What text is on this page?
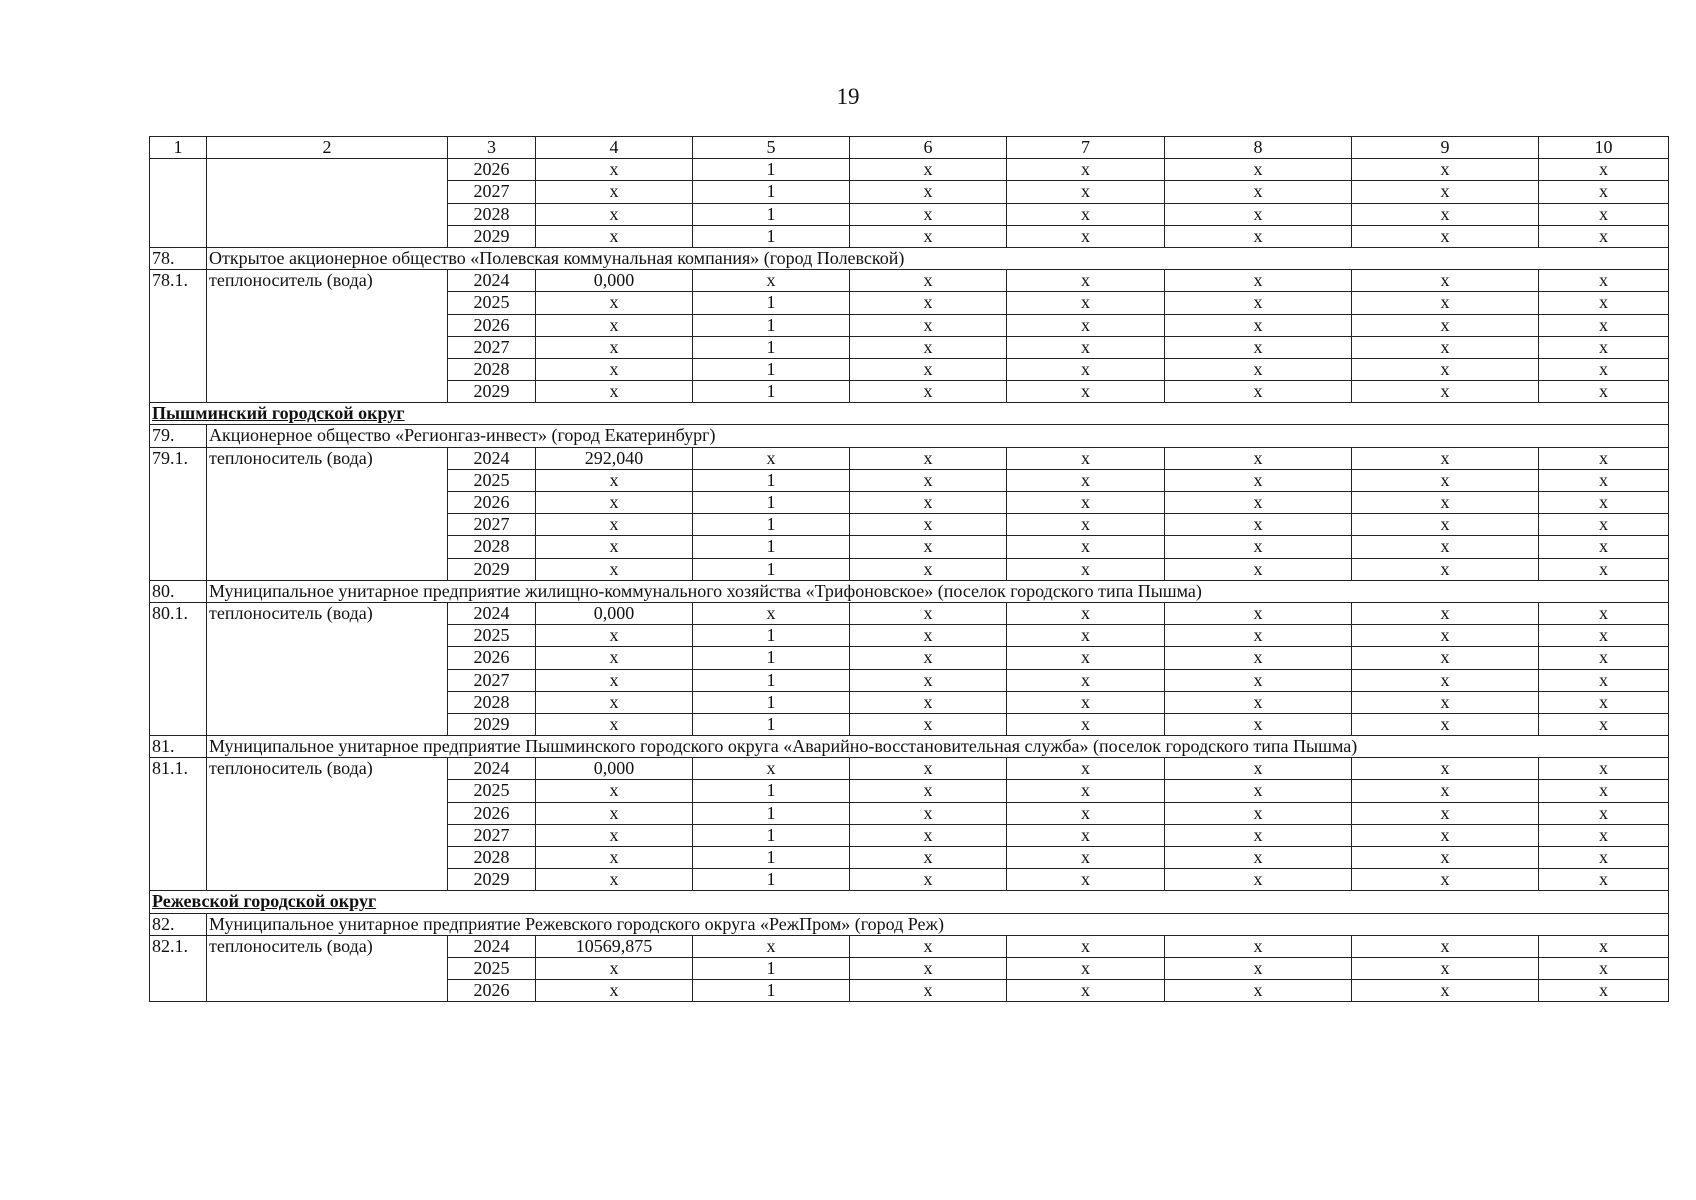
19
1	2	3	4	5	6	7	8	9	10
		2026	x	1	x	x	x	x	x
		2027	x	1	x	x	x	x	x
		2028	x	1	x	x	x	x	x
		2029	x	1	x	x	x	x	x
78.	Открытое акционерное общество «Полевская коммунальная компания» (город Полевской)								
78.1.	теплоноситель (вода)	2024	0,000	x	x	x	x	x	x
		2025	x	1	x	x	x	x	x
		2026	x	1	x	x	x	x	x
		2027	x	1	x	x	x	x	x
		2028	x	1	x	x	x	x	x
		2029	x	1	x	x	x	x	x
Пышминский городской округ									
79.	Акционерное общество «Регионгаз-инвест» (город Екатеринбург)								
79.1.	теплоноситель (вода)	2024	292,040	x	x	x	x	x	x
		2025	x	1	x	x	x	x	x
		2026	x	1	x	x	x	x	x
		2027	x	1	x	x	x	x	x
		2028	x	1	x	x	x	x	x
		2029	x	1	x	x	x	x	x
80.	Муниципальное унитарное предприятие жилищно-коммунального хозяйства «Трифоновское» (поселок городского типа Пышма)								
80.1.	теплоноситель (вода)	2024	0,000	x	x	x	x	x	x
		2025	x	1	x	x	x	x	x
		2026	x	1	x	x	x	x	x
		2027	x	1	x	x	x	x	x
		2028	x	1	x	x	x	x	x
		2029	x	1	x	x	x	x	x
81.	Муниципальное унитарное предприятие Пышминского городского округа «Аварийно-восстановительная служба» (поселок городского типа Пышма)								
81.1.	теплоноситель (вода)	2024	0,000	x	x	x	x	x	x
		2025	x	1	x	x	x	x	x
		2026	x	1	x	x	x	x	x
		2027	x	1	x	x	x	x	x
		2028	x	1	x	x	x	x	x
		2029	x	1	x	x	x	x	x
Режевской городской округ									
82.	Муниципальное унитарное предприятие Режевского городского округа «РежПром» (город Реж)								
82.1.	теплоноситель (вода)	2024	10569,875	x	x	x	x	x	x
		2025	x	1	x	x	x	x	x
		2026	x	1	x	x	x	x	x
